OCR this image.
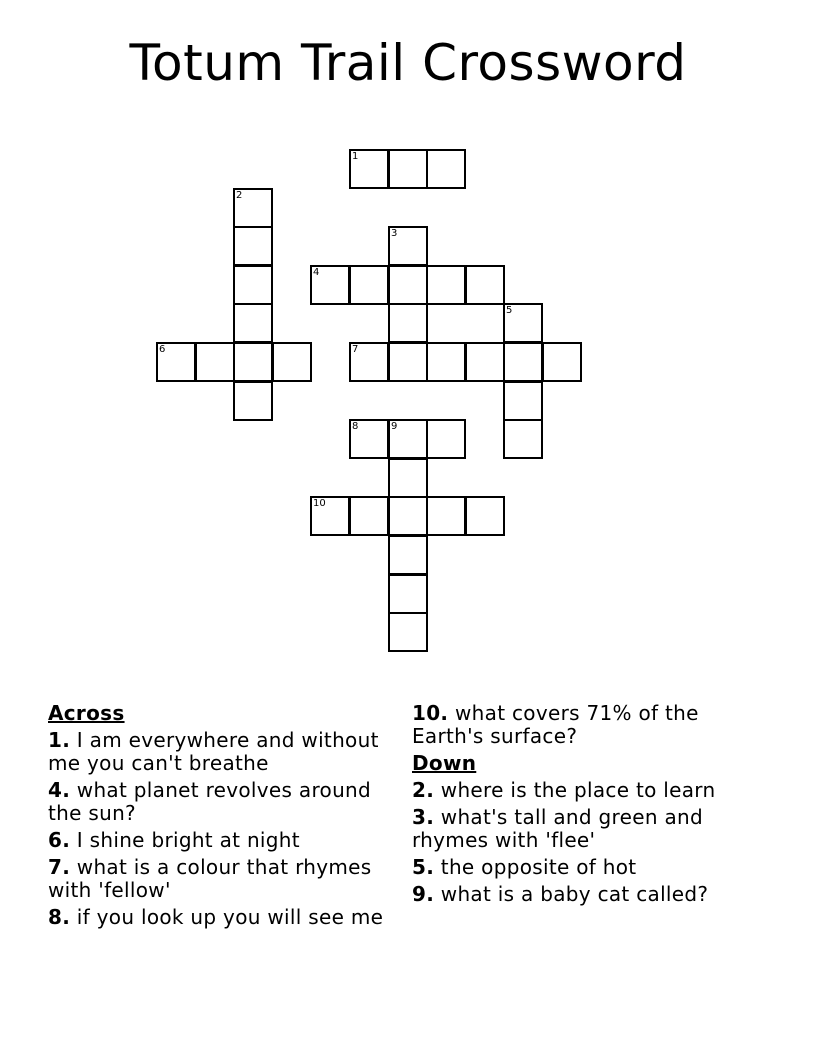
Totum Trail Crossword
1
2
3
4
5
6	7
8	9
10
Across
1. I am everywhere and without me you can't breathe
4. what planet revolves around the sun?
6. I shine bright at night
7. what is a colour that rhymes with 'fellow'
8. if you look up you will see me
10. what covers 71% of the Earth's surface?
Down
2. where is the place to learn
3. what's tall and green and rhymes with 'flee'
5. the opposite of hot
9. what is a baby cat called?
